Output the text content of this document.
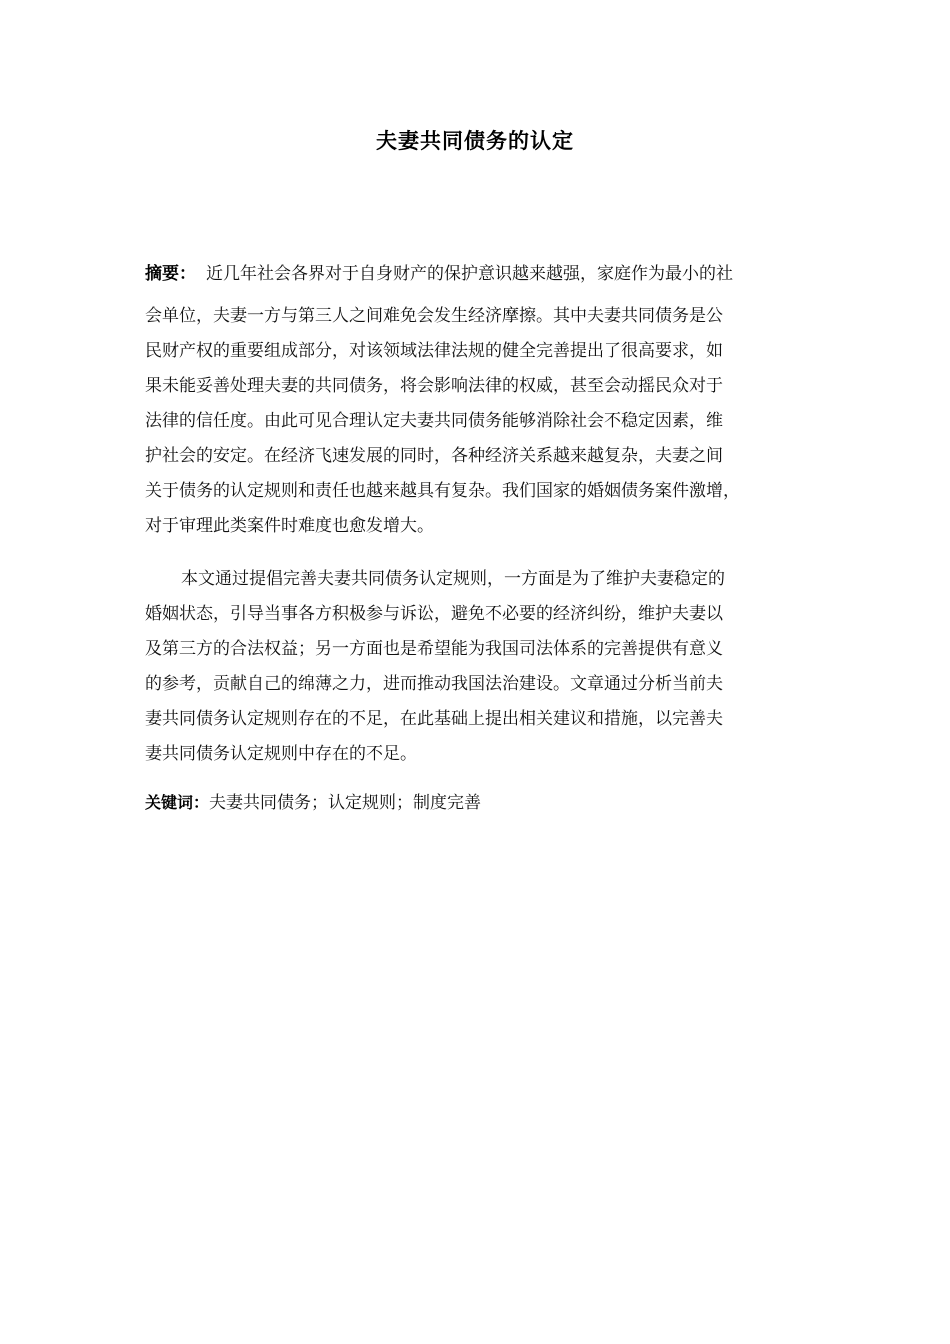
夫妻共同债务的认定
摘要： 近几年社会各界对于自身财产的保护意识越来越强，家庭作为最小的社
会单位，夫妻一方与第三人之间难免会发生经济摩擦。其中夫妻共同债务是公
民财产权的重要组成部分，对该领域法律法规的健全完善提出了很高要求，如
果未能妥善处理夫妻的共同债务，将会影响法律的权威，甚至会动摇民众对于
法律的信任度。由此可见合理认定夫妻共同债务能够消除社会不稳定因素，维
护社会的安定。在经济飞速发展的同时，各种经济关系越来越复杂，夫妻之间
关于债务的认定规则和责任也越来越具有复杂。我们国家的婚姻债务案件激增，
对于审理此类案件时难度也愈发增大。
本文通过提倡完善夫妻共同债务认定规则，一方面是为了维护夫妻稳定的
婚姻状态，引导当事各方积极参与诉讼，避免不必要的经济纠纷，维护夫妻以
及第三方的合法权益；另一方面也是希望能为我国司法体系的完善提供有意义
的参考，贡献自己的绵薄之力，进而推动我国法治建设。文章通过分析当前夫
妻共同债务认定规则存在的不足，在此基础上提出相关建议和措施，以完善夫
妻共同债务认定规则中存在的不足。
关键词：夫妻共同债务；认定规则；制度完善
